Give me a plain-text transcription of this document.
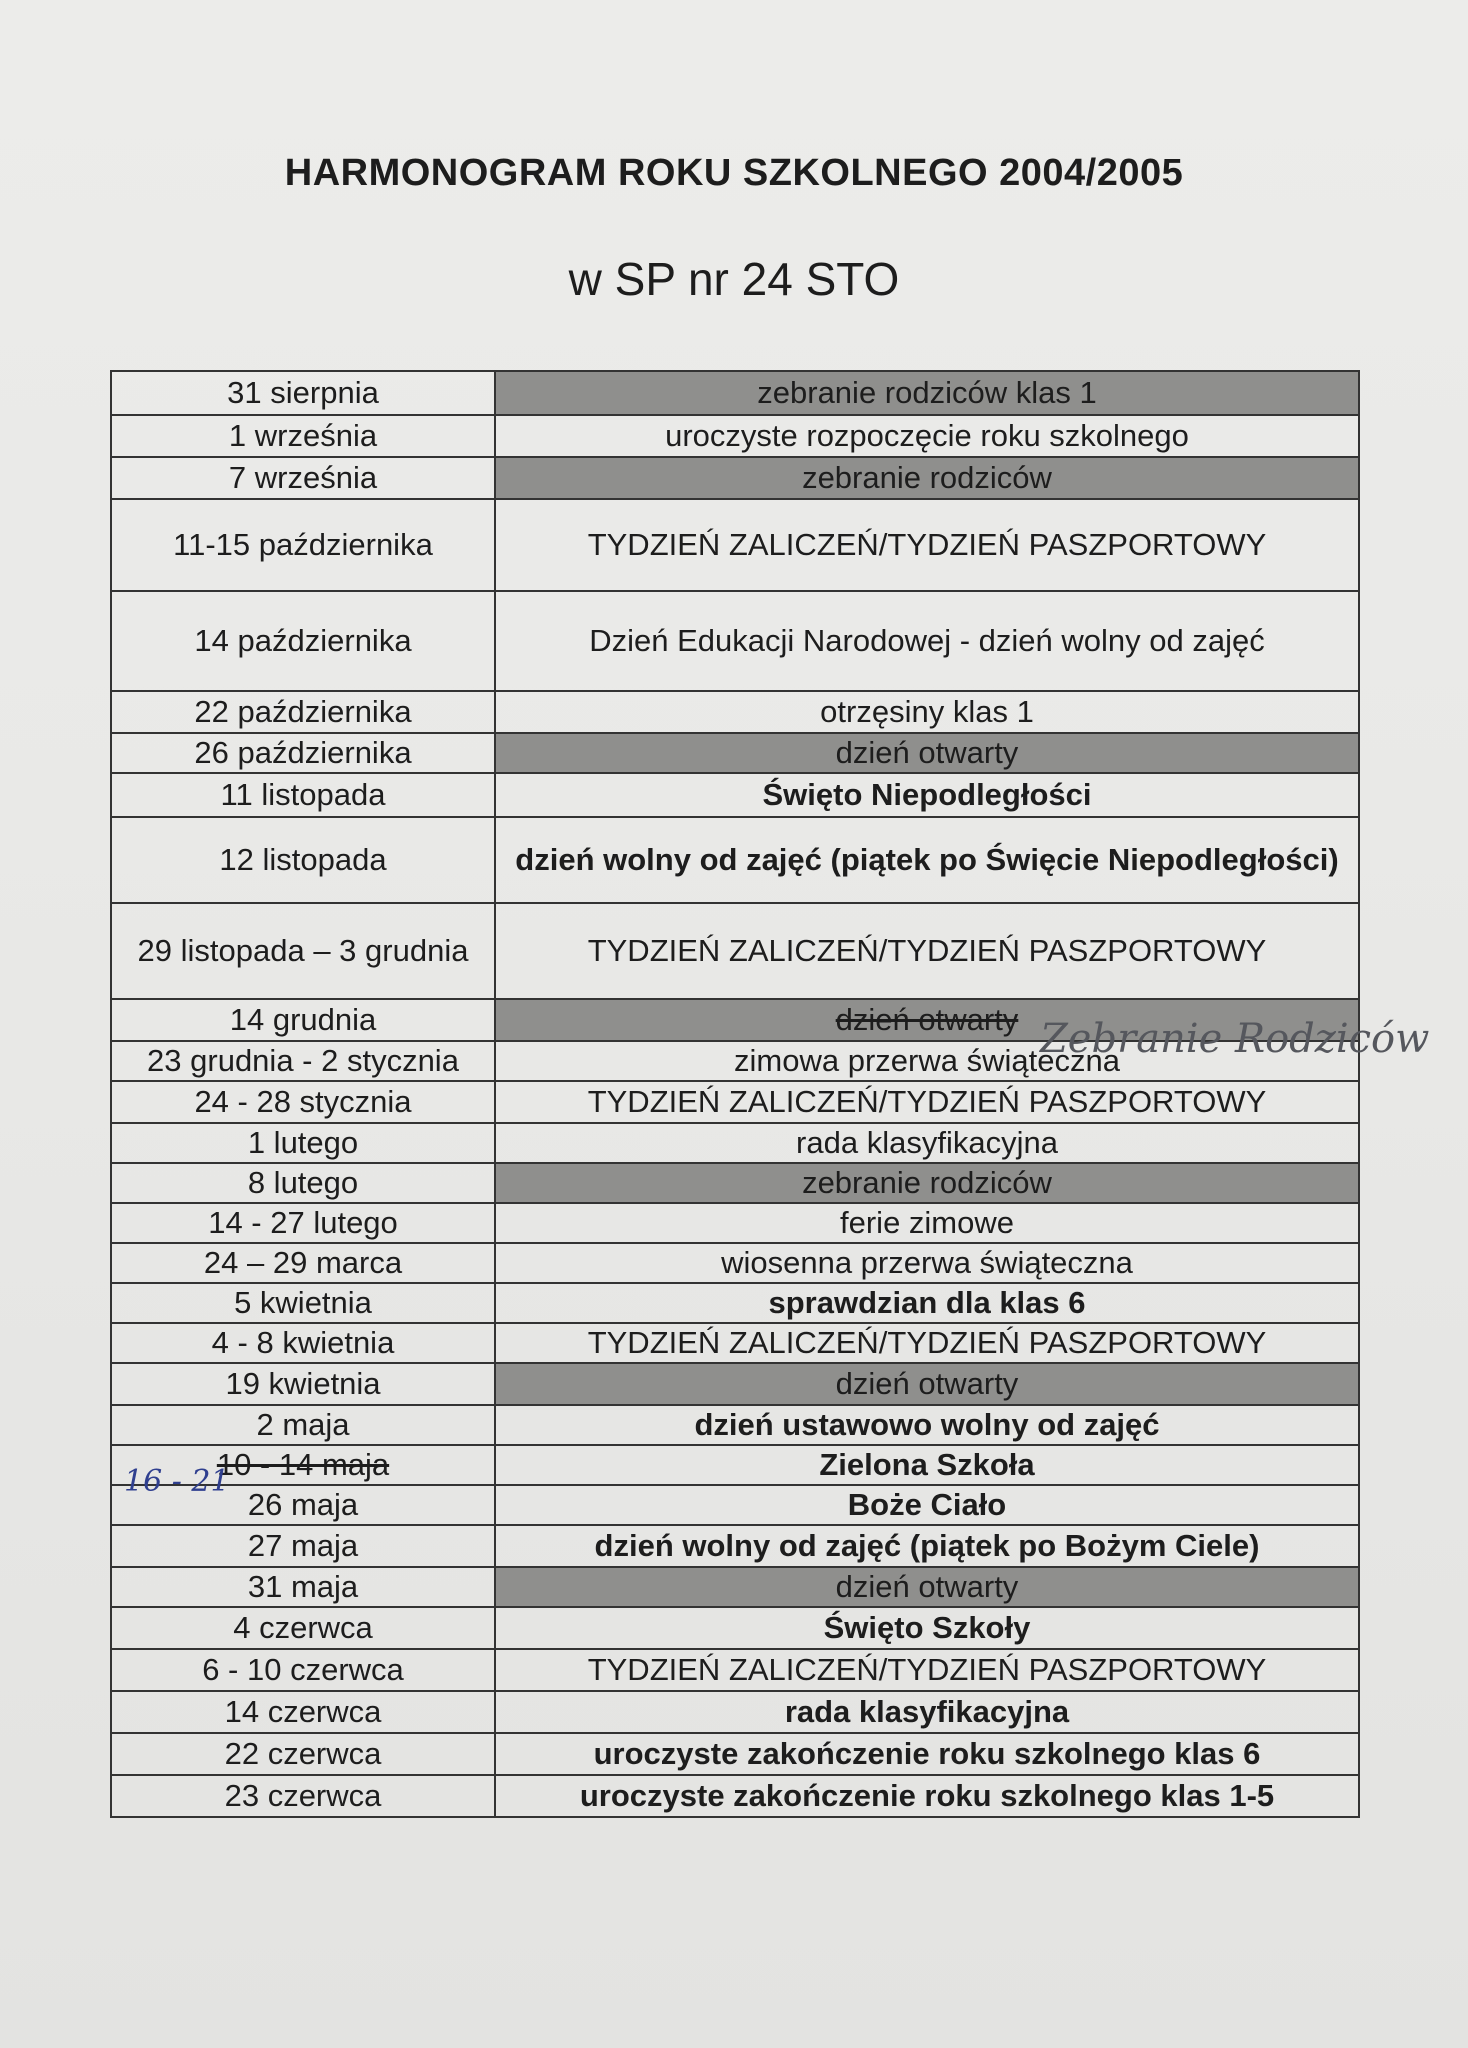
HARMONOGRAM ROKU SZKOLNEGO 2004/2005
w SP nr 24 STO
31 sierpnia	zebranie rodziców klas 1
1 września	uroczyste rozpoczęcie roku szkolnego
7 września	zebranie rodziców
11-15 października	TYDZIEŃ ZALICZEŃ/TYDZIEŃ PASZPORTOWY
14 października	Dzień Edukacji Narodowej - dzień wolny od zajęć
22 października	otrzęsiny klas 1
26 października	dzień otwarty
11 listopada	Święto Niepodległości
12 listopada	dzień wolny od zajęć (piątek po Święcie Niepodległości)
29 listopada – 3 grudnia	TYDZIEŃ ZALICZEŃ/TYDZIEŃ PASZPORTOWY
14 grudnia	dzień otwarty
23 grudnia - 2 stycznia	zimowa przerwa świąteczna
24 - 28 stycznia	TYDZIEŃ ZALICZEŃ/TYDZIEŃ PASZPORTOWY
1 lutego	rada klasyfikacyjna
8 lutego	zebranie rodziców
14 - 27 lutego	ferie zimowe
24 – 29 marca	wiosenna przerwa świąteczna
5 kwietnia	sprawdzian dla klas 6
4 - 8 kwietnia	TYDZIEŃ ZALICZEŃ/TYDZIEŃ PASZPORTOWY
19 kwietnia	dzień otwarty
2 maja	dzień ustawowo wolny od zajęć
10 - 14 maja	Zielona Szkoła
26 maja	Boże Ciało
27 maja	dzień wolny od zajęć (piątek po Bożym Ciele)
31 maja	dzień otwarty
4 czerwca	Święto Szkoły
6 - 10 czerwca	TYDZIEŃ ZALICZEŃ/TYDZIEŃ PASZPORTOWY
14 czerwca	rada klasyfikacyjna
22 czerwca	uroczyste zakończenie roku szkolnego klas 6
23 czerwca	uroczyste zakończenie roku szkolnego klas 1-5
Zebranie Rodziców
16 - 21
